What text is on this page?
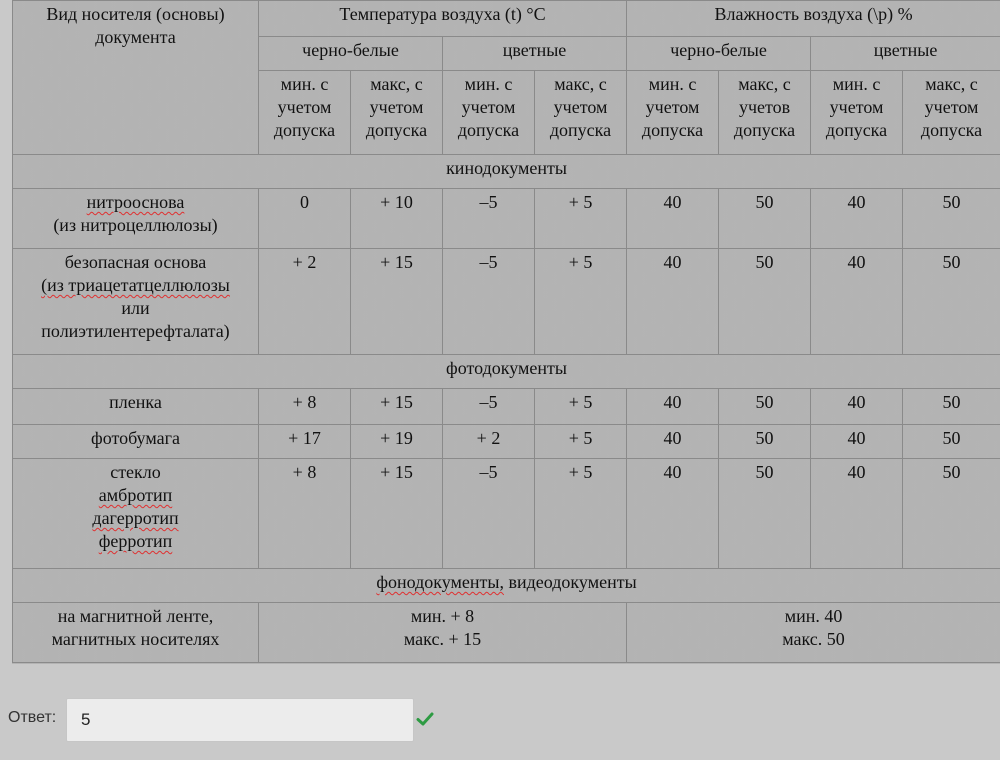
Вид носителя (основы) документа	Температура воздуха (t) °C				Влажность воздуха (\р) %			
	черно-белые		цветные		черно-белые		цветные	
	мин. с учетом допуска	макс, с учетом допуска	мин. с учетом допуска	макс, с учетом допуска	мин. с учетом допуска	макс, с учетов допуска	мин. с учетом допуска	макс, с учетом допуска
кинодокументы								
нитрооснова
(из нитроцеллюлозы)	0	+ 10	–5	+ 5	40	50	40	50
безопасная основа
(из триацетатцеллюлозы
или
полиэтилентерефталата)	+ 2	+ 15	–5	+ 5	40	50	40	50
фотодокументы								
пленка	+ 8	+ 15	–5	+ 5	40	50	40	50
фотобумага	+ 17	+ 19	+ 2	+ 5	40	50	40	50
стекло
амбротип
дагерротип
ферротип	+ 8	+ 15	–5	+ 5	40	50	40	50
фонодокументы, видеодокументы								
на магнитной ленте,
магнитных носителях	мин. + 8
макс. + 15				мин. 40
макс. 50			
Ответ:
5
